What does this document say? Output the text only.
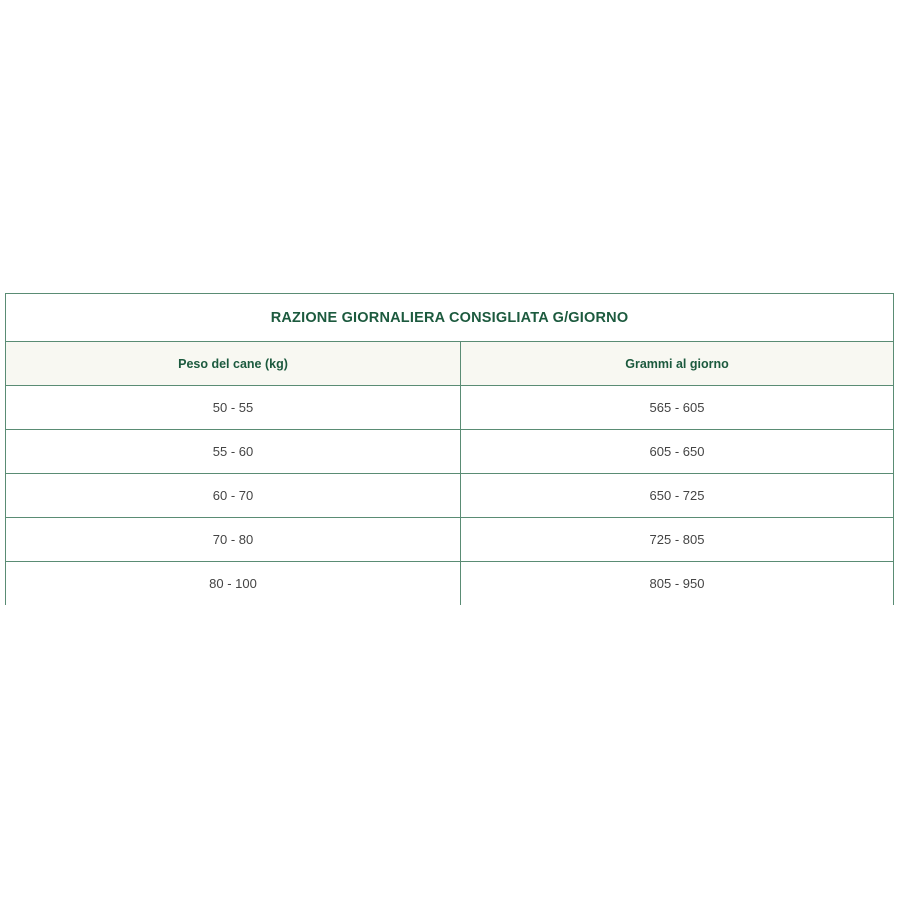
RAZIONE GIORNALIERA CONSIGLIATA G/GIORNO	
Peso del cane (kg)	Grammi al giorno
50 - 55	565 - 605
55 - 60	605 - 650
60 - 70	650 - 725
70 - 80	725 - 805
80 - 100	805 - 950
